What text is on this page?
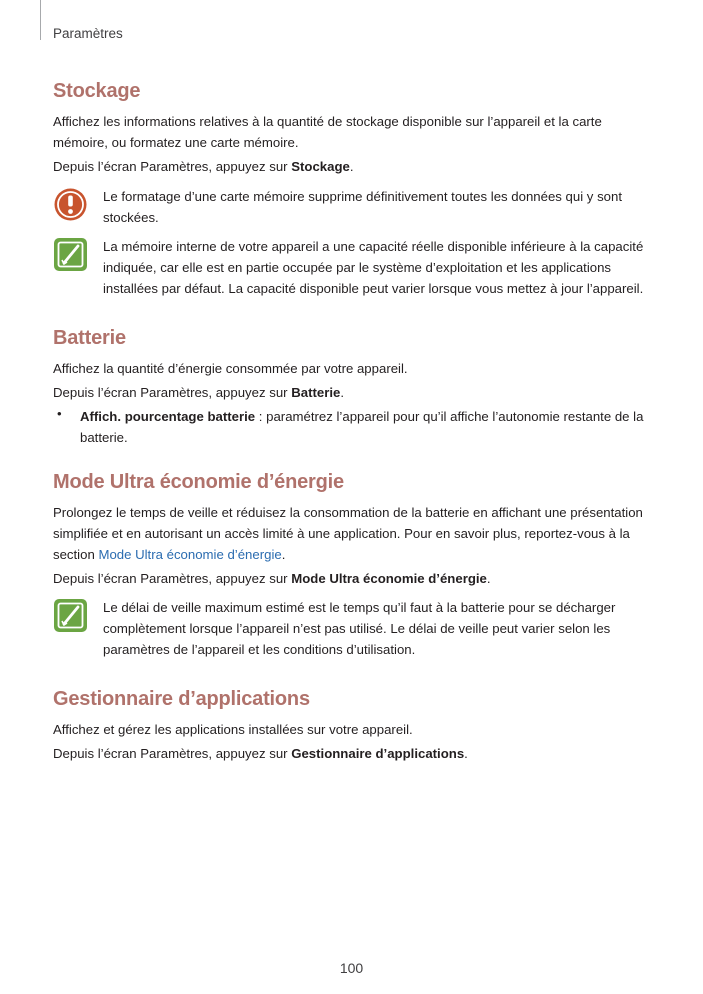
Paramètres
Stockage

Affichez les informations relatives à la quantité de stockage disponible sur l’appareil et la carte mémoire, ou formatez une carte mémoire.

Depuis l’écran Paramètres, appuyez sur Stockage.

Le formatage d’une carte mémoire supprime définitivement toutes les données qui y sont stockées.
La mémoire interne de votre appareil a une capacité réelle disponible inférieure à la capacité indiquée, car elle est en partie occupée par le système d’exploitation et les applications installées par défaut. La capacité disponible peut varier lorsque vous mettez à jour l’appareil.
Batterie

Affichez la quantité d’énergie consommée par votre appareil.

Depuis l’écran Paramètres, appuyez sur Batterie.

•	Affich. pourcentage batterie : paramétrez l’appareil pour qu’il affiche l’autonomie restante de la batterie.

Mode Ultra économie d’énergie

Prolongez le temps de veille et réduisez la consommation de la batterie en affichant une présentation simplifiée et en autorisant un accès limité à une application. Pour en savoir plus, reportez-vous à la section Mode Ultra économie d’énergie.

Depuis l’écran Paramètres, appuyez sur Mode Ultra économie d’énergie.

Le délai de veille maximum estimé est le temps qu’il faut à la batterie pour se décharger complètement lorsque l’appareil n’est pas utilisé. Le délai de veille peut varier selon les paramètres de l’appareil et les conditions d’utilisation.
Gestionnaire d’applications

Affichez et gérez les applications installées sur votre appareil.

Depuis l’écran Paramètres, appuyez sur Gestionnaire d’applications.

100
